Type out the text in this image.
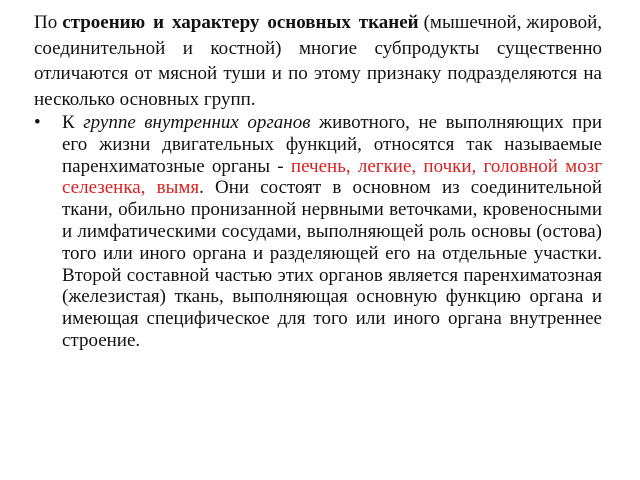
По строению и характеру основных тканей (мышечной, жировой, соединительной и костной) многие субпродукты существенно отличаются от мясной туши и по этому признаку подразделяются на несколько основных групп.

• К группе внутренних органов животного, не выполняющих при его жизни двигательных функций, относятся так называемые паренхиматозные органы - печень, легкие, почки, головной мозг селезенка, вымя. Они состоят в основном из соединительной ткани, обильно пронизанной нервными веточками, кровеносными и лимфатическими сосудами, выполняющей роль основы (остова) того или иного органа и разделяющей его на отдельные участки. Второй составной частью этих органов является паренхиматозная (железистая) ткань, выполняющая основную функцию органа и имеющая специфическое для того или иного органа внутреннее строение.
